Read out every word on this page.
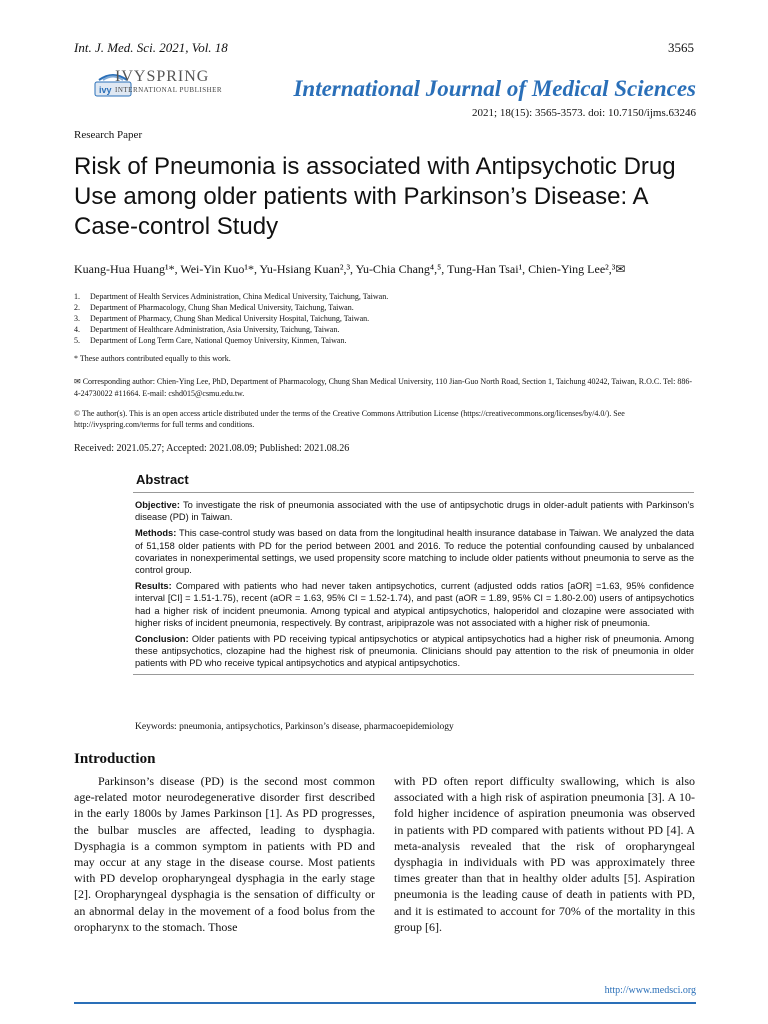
Int. J. Med. Sci. 2021, Vol. 18	3565
ivy
IVYSPRING
INTERNATIONAL PUBLISHER	International Journal of Medical Sciences
2021; 18(15): 3565-3573. doi: 10.7150/ijms.63246
Research Paper
Risk of Pneumonia is associated with Antipsychotic Drug Use among older patients with Parkinson’s Disease: A Case-control Study
Kuang-Hua Huang¹*, Wei-Yin Kuo¹*, Yu-Hsiang Kuan²,³, Yu-Chia Chang⁴,⁵, Tung-Han Tsai¹, Chien-Ying Lee²,³✉
1. Department of Health Services Administration, China Medical University, Taichung, Taiwan.
2. Department of Pharmacology, Chung Shan Medical University, Taichung, Taiwan.
3. Department of Pharmacy, Chung Shan Medical University Hospital, Taichung, Taiwan.
4. Department of Healthcare Administration, Asia University, Taichung, Taiwan.
5. Department of Long Term Care, National Quemoy University, Kinmen, Taiwan.
* These authors contributed equally to this work.
✉ Corresponding author: Chien-Ying Lee, PhD, Department of Pharmacology, Chung Shan Medical University, 110 Jian-Guo North Road, Section 1, Taichung 40242, Taiwan, R.O.C. Tel: 886-4-24730022 #11664. E-mail: cshd015@csmu.edu.tw.
© The author(s). This is an open access article distributed under the terms of the Creative Commons Attribution License (https://creativecommons.org/licenses/by/4.0/). See http://ivyspring.com/terms for full terms and conditions.
Received: 2021.05.27; Accepted: 2021.08.09; Published: 2021.08.26
Abstract

Objective: To investigate the risk of pneumonia associated with the use of antipsychotic drugs in older-adult patients with Parkinson’s disease (PD) in Taiwan.

Methods: This case-control study was based on data from the longitudinal health insurance database in Taiwan. We analyzed the data of 51,158 older patients with PD for the period between 2001 and 2016. To reduce the potential confounding caused by unbalanced covariates in nonexperimental settings, we used propensity score matching to include older patients without pneumonia to serve as the control group.

Results: Compared with patients who had never taken antipsychotics, current (adjusted odds ratios [aOR] =1.63, 95% confidence interval [CI] = 1.51-1.75), recent (aOR = 1.63, 95% CI = 1.52-1.74), and past (aOR = 1.89, 95% CI = 1.80-2.00) users of antipsychotics had a higher risk of incident pneumonia. Among typical and atypical antipsychotics, haloperidol and clozapine were associated with higher risks of incident pneumonia, respectively. By contrast, aripiprazole was not associated with a higher risk of pneumonia.

Conclusion: Older patients with PD receiving typical antipsychotics or atypical antipsychotics had a higher risk of pneumonia. Among these antipsychotics, clozapine had the highest risk of pneumonia. Clinicians should pay attention to the risk of pneumonia in older patients with PD who receive typical antipsychotics and atypical antipsychotics.

Keywords: pneumonia, antipsychotics, Parkinson’s disease, pharmacoepidemiology
Introduction
Parkinson’s disease (PD) is the second most common age-related motor neurodegenerative disorder first described in the early 1800s by James Parkinson [1]. As PD progresses, the bulbar muscles are affected, leading to dysphagia. Dysphagia is a common symptom in patients with PD and may occur at any stage in the disease course. Most patients with PD develop oropharyngeal dysphagia in the early stage [2]. Oropharyngeal dysphagia is the sensation of difficulty or an abnormal delay in the movement of a food bolus from the oropharynx to the stomach. Those
with PD often report difficulty swallowing, which is also associated with a high risk of aspiration pneumonia [3]. A 10-fold higher incidence of aspiration pneumonia was observed in patients with PD compared with patients without PD [4]. A meta-analysis revealed that the risk of oropharyngeal dysphagia in individuals with PD was approximately three times greater than that in healthy older adults [5]. Aspiration pneumonia is the leading cause of death in patients with PD, and it is estimated to account for 70% of the mortality in this group [6].
http://www.medsci.org
